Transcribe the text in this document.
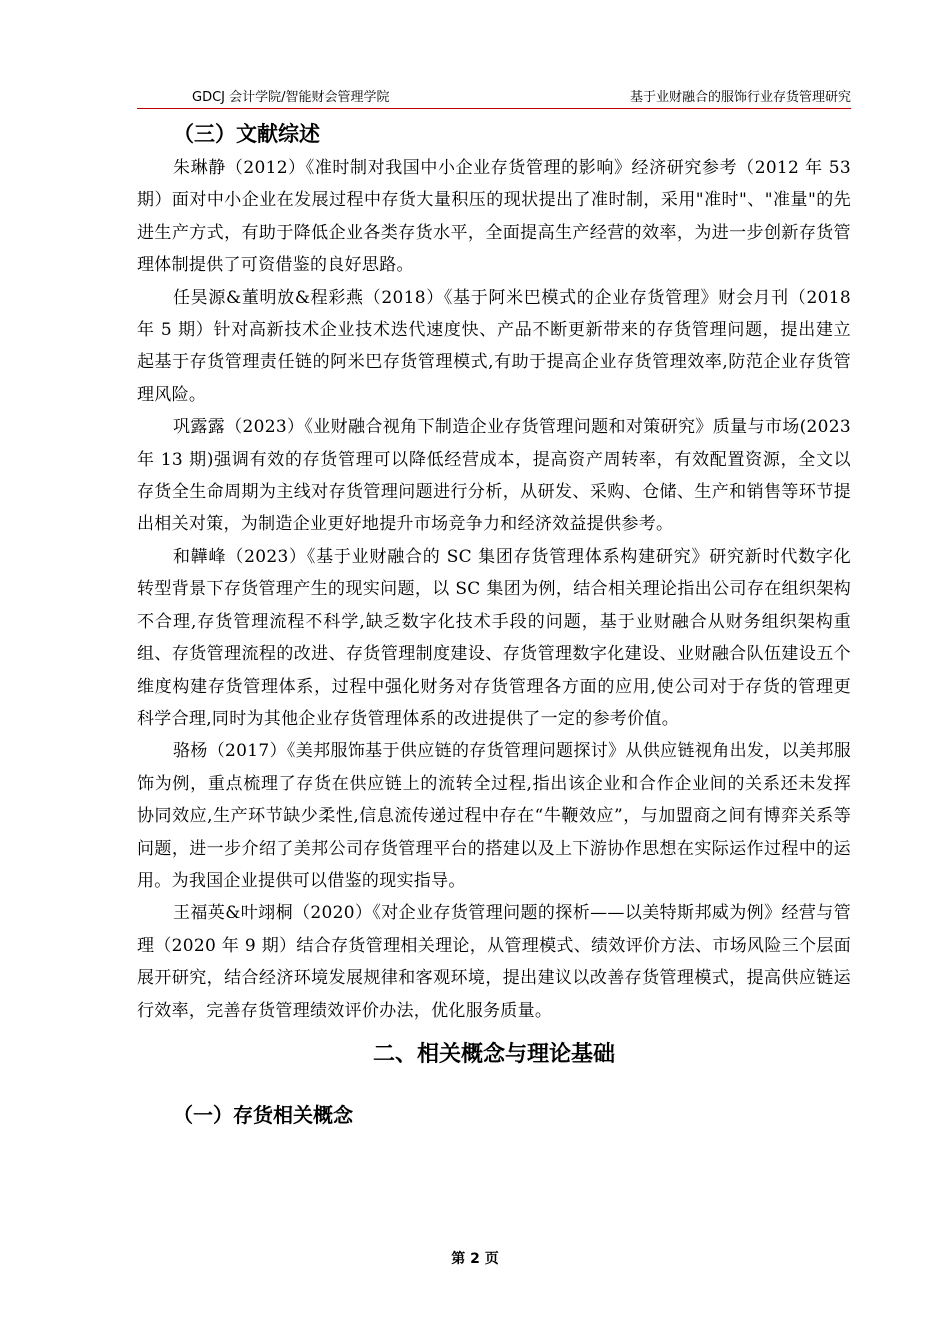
GDCJ 会计学院/智能财会管理学院	基于业财融合的服饰行业存货管理研究
（三）文献综述

朱琳静（2012）《准时制对我国中小企业存货管理的影响》经济研究参考（2012 年 53 期）面对中小企业在发展过程中存货大量积压的现状提出了准时制，采用"准时"、"准量"的先进生产方式，有助于降低企业各类存货水平，全面提高生产经营的效率，为进一步创新存货管理体制提供了可资借鉴的良好思路。

任昊源&董明放&程彩燕（2018）《基于阿米巴模式的企业存货管理》财会月刊（2018 年 5 期）针对高新技术企业技术迭代速度快、产品不断更新带来的存货管理问题，提出建立起基于存货管理责任链的阿米巴存货管理模式,有助于提高企业存货管理效率,防范企业存货管理风险。

巩露露（2023）《业财融合视角下制造企业存货管理问题和对策研究》质量与市场(2023 年 13 期)强调有效的存货管理可以降低经营成本，提高资产周转率，有效配置资源，全文以存货全生命周期为主线对存货管理问题进行分析，从研发、采购、仓储、生产和销售等环节提出相关对策，为制造企业更好地提升市场竞争力和经济效益提供参考。

和韡峰（2023）《基于业财融合的 SC 集团存货管理体系构建研究》研究新时代数字化转型背景下存货管理产生的现实问题，以 SC 集团为例，结合相关理论指出公司存在组织架构不合理,存货管理流程不科学,缺乏数字化技术手段的问题，基于业财融合从财务组织架构重组、存货管理流程的改进、存货管理制度建设、存货管理数字化建设、业财融合队伍建设五个维度构建存货管理体系，过程中强化财务对存货管理各方面的应用,使公司对于存货的管理更科学合理,同时为其他企业存货管理体系的改进提供了一定的参考价值。

骆杨（2017）《美邦服饰基于供应链的存货管理问题探讨》从供应链视角出发，以美邦服饰为例，重点梳理了存货在供应链上的流转全过程,指出该企业和合作企业间的关系还未发挥协同效应,生产环节缺少柔性,信息流传递过程中存在“牛鞭效应”，与加盟商之间有博弈关系等问题，进一步介绍了美邦公司存货管理平台的搭建以及上下游协作思想在实际运作过程中的运用。为我国企业提供可以借鉴的现实指导。

王福英&叶翊桐（2020）《对企业存货管理问题的探析——以美特斯邦威为例》经营与管理（2020 年 9 期）结合存货管理相关理论，从管理模式、绩效评价方法、市场风险三个层面展开研究，结合经济环境发展规律和客观环境，提出建议以改善存货管理模式，提高供应链运行效率，完善存货管理绩效评价办法，优化服务质量。

二、相关概念与理论基础
（一）存货相关概念
第 2 页
